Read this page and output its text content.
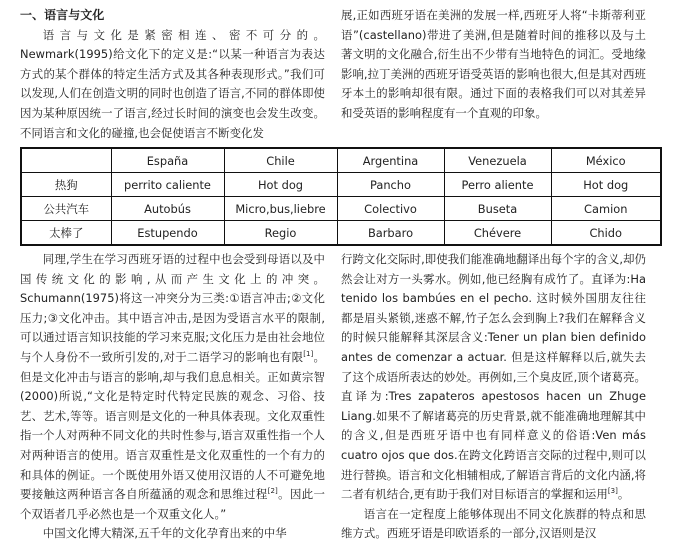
一、语言与文化

语言与文化是紧密相连、密不可分的。Newmark(1995)给文化下的定义是:“以某一种语言为表达方式的某个群体的特定生活方式及其各种表现形式。”我们可以发现,人们在创造文明的同时也创造了语言,不同的群体即使因为某种原因统一了语言,经过长时间的演变也会发生改变。不同语言和文化的碰撞,也会促使语言不断变化发

展,正如西班牙语在美洲的发展一样,西班牙人将“卡斯蒂利亚语”(castellano)带进了美洲,但是随着时间的推移以及与土著文明的文化融合,衍生出不少带有当地特色的词汇。受地缘影响,拉丁美洲的西班牙语受英语的影响也很大,但是其对西班牙本土的影响却很有限。通过下面的表格我们可以对其差异和受英语的影响程度有一个直观的印象。

	España	Chile	Argentina	Venezuela	México
热狗	perrito caliente	Hot dog	Pancho	Perro aliente	Hot dog
公共汽车	Autobús	Micro,bus,liebre	Colectivo	Buseta	Camion
太棒了	Estupendo	Regio	Barbaro	Chévere	Chido

同理,学生在学习西班牙语的过程中也会受到母语以及中国传统文化的影响,从而产生文化上的冲突。Schumann(1975)将这一冲突分为三类:①语言冲击;②文化压力;③文化冲击。其中语言冲击,是因为受语言水平的限制,可以通过语言知识技能的学习来克服;文化压力是由社会地位与个人身份不一致所引发的,对于二语学习的影响也有限[1]。但是文化冲击与语言的影响,却与我们息息相关。正如黄宗智(2000)所说,“文化是特定时代特定民族的观念、习俗、技艺、艺术,等等。语言则是文化的一种具体表现。文化双重性指一个人对两种不同文化的共时性参与,语言双重性指一个人对两种语言的使用。语言双重性是文化双重性的一个有力的和具体的例证。一个既使用外语又使用汉语的人不可避免地要接触这两种语言各自所蕴涵的观念和思维过程[2]。因此一个双语者几乎必然也是一个双重文化人。”

中国文化博大精深,五千年的文化孕育出来的中华

行跨文化交际时,即使我们能准确地翻译出每个字的含义,却仍然会让对方一头雾水。例如,他已经胸有成竹了。直译为:Ha tenido los bambúes en el pecho. 这时候外国朋友往往都是眉头紧锁,迷惑不解,竹子怎么会到胸上?我们在解释含义的时候只能解释其深层含义:Tener un plan bien definido antes de comenzar a actuar. 但是这样解释以后,就失去了这个成语所表达的妙处。再例如,三个臭皮匠,顶个诸葛亮。直译为:Tres zapateros apestosos hacen un Zhuge Liang.如果不了解诸葛亮的历史背景,就不能准确地理解其中的含义,但是西班牙语中也有同样意义的俗语:Ven más cuatro ojos que dos.在跨文化跨语言交际的过程中,则可以进行替换。语言和文化相辅相成,了解语言背后的文化内涵,将二者有机结合,更有助于我们对目标语言的掌握和运用[3]。

语言在一定程度上能够体现出不同文化族群的特点和思维方式。西班牙语是印欧语系的一部分,汉语则是汉
